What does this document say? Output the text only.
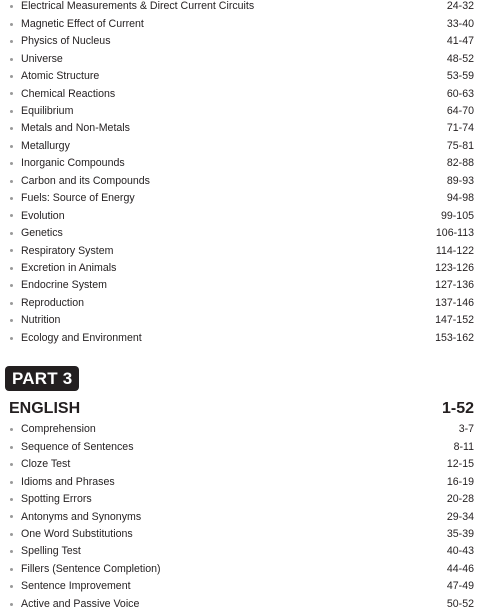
Electrical Measurements & Direct Current Circuits	24-32
Magnetic Effect of Current	33-40
Physics of Nucleus	41-47
Universe	48-52
Atomic Structure	53-59
Chemical Reactions	60-63
Equilibrium	64-70
Metals and Non-Metals	71-74
Metallurgy	75-81
Inorganic Compounds	82-88
Carbon and its Compounds	89-93
Fuels: Source of Energy	94-98
Evolution	99-105
Genetics	106-113
Respiratory System	114-122
Excretion in Animals	123-126
Endocrine System	127-136
Reproduction	137-146
Nutrition	147-152
Ecology and Environment	153-162
PART 3
ENGLISH	1-52
Comprehension	3-7
Sequence of Sentences	8-11
Cloze Test	12-15
Idioms and Phrases	16-19
Spotting Errors	20-28
Antonyms and Synonyms	29-34
One Word Substitutions	35-39
Spelling Test	40-43
Fillers (Sentence Completion)	44-46
Sentence Improvement	47-49
Active and Passive Voice	50-52
